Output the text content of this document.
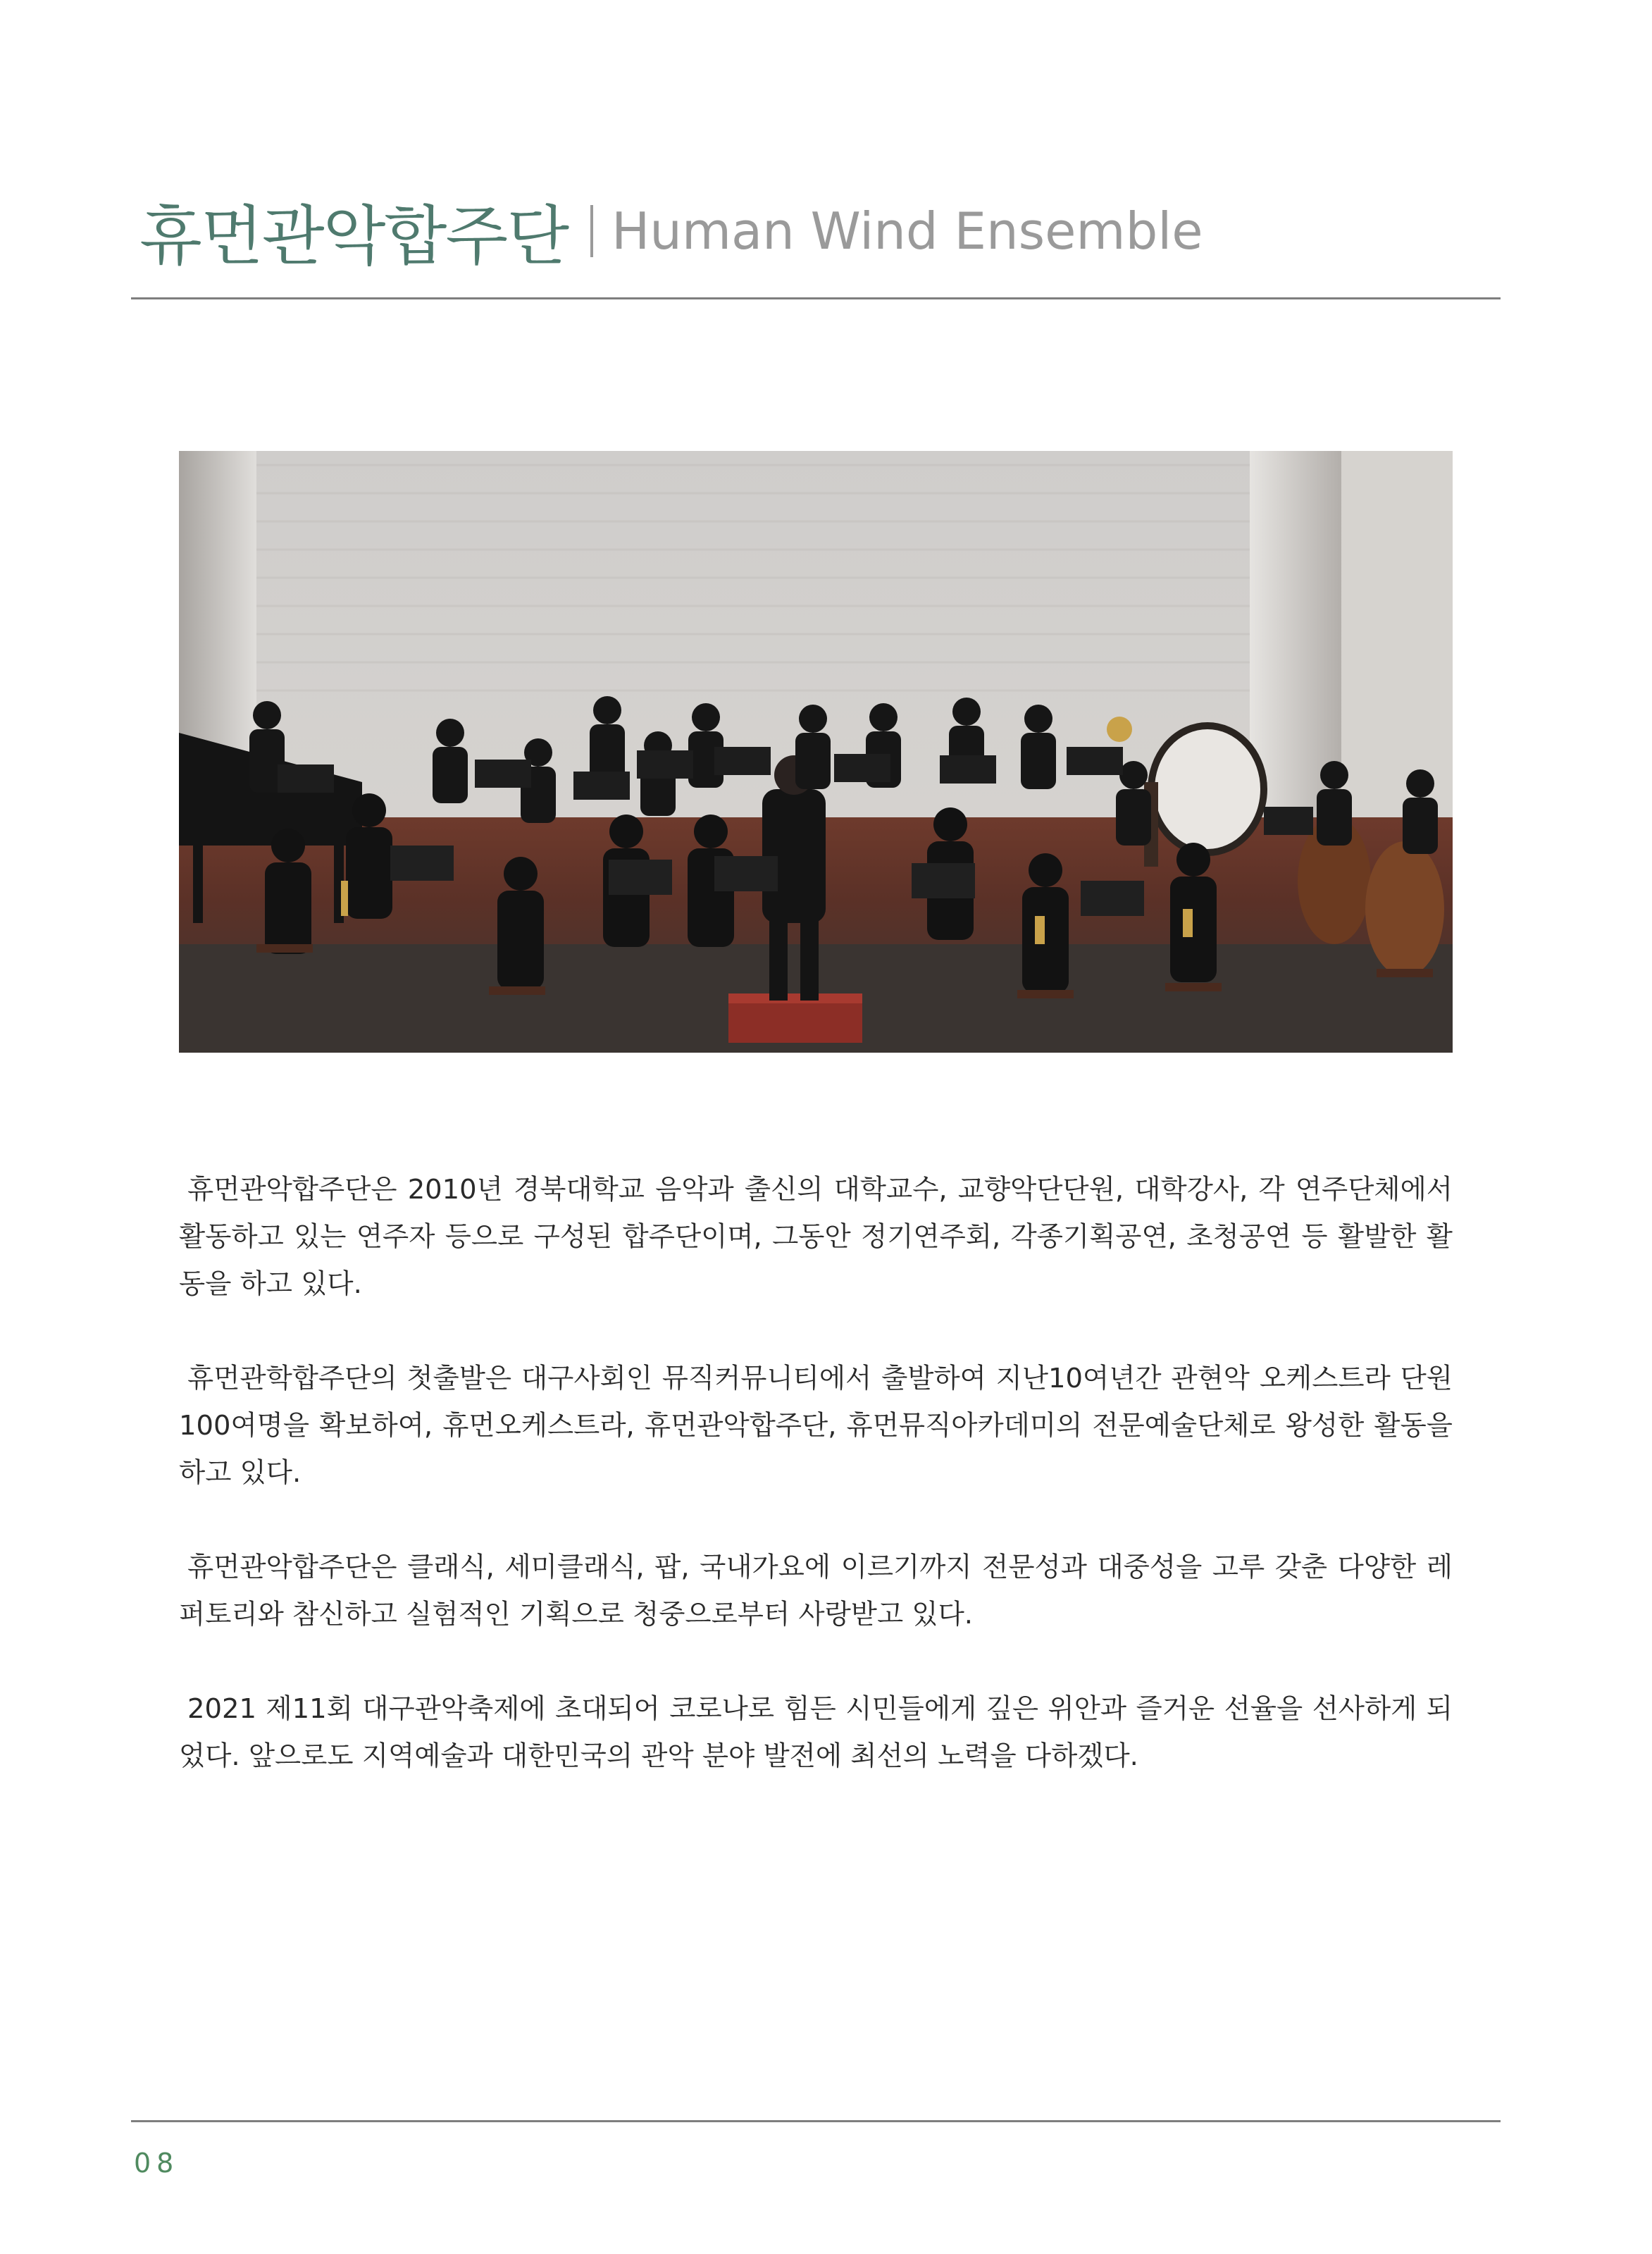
휴먼관악합주단 Human Wind Ensemble

휴먼관악합주단은 2010년 경북대학교 음악과 출신의 대학교수, 교향악단단원, 대학강사, 각 연주단체에서 활동하고 있는 연주자 등으로 구성된 합주단이며, 그동안 정기연주회, 각종기획공연, 초청공연 등 활발한 활동을 하고 있다.

휴먼관학합주단의 첫출발은 대구사회인 뮤직커뮤니티에서 출발하여 지난10여년간 관현악 오케스트라 단원 100여명을 확보하여, 휴먼오케스트라, 휴먼관악합주단, 휴먼뮤직아카데미의 전문예술단체로 왕성한 활동을 하고 있다.

휴먼관악합주단은 클래식, 세미클래식, 팝, 국내가요에 이르기까지 전문성과 대중성을 고루 갖춘 다양한 레퍼토리와 참신하고 실험적인 기획으로 청중으로부터 사랑받고 있다.

2021 제11회 대구관악축제에 초대되어 코로나로 힘든 시민들에게 깊은 위안과 즐거운 선율을 선사하게 되었다. 앞으로도 지역예술과 대한민국의 관악 분야 발전에 최선의 노력을 다하겠다.

08
